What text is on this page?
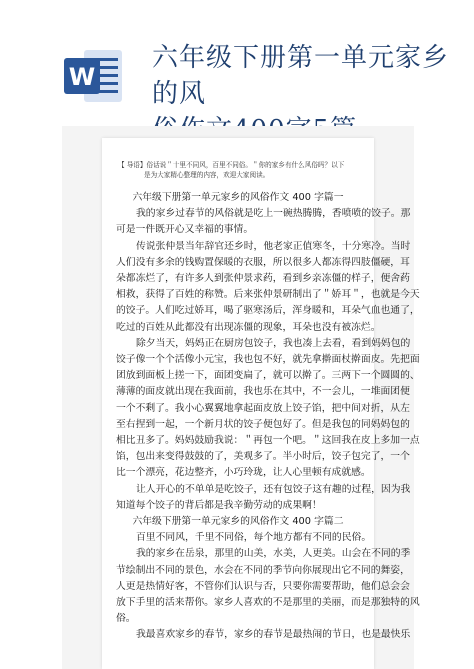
W
六年级下册第一单元家乡的风
【 导语】俗话说＂十里不同风，百里不同俗。＂你的家乡有什么风俗吗？以下
是为大家精心整理的内容，欢迎大家阅读。
六年级下册第一单元家乡的风俗作文 400 字篇一
我的家乡过春节的风俗就是吃上一碗热腾腾，香喷喷的饺子。那
可是一件既开心又幸福的事情。
传说张仲景当年辞官还乡时，他老家正值寒冬，十分寒冷。当时
人们没有多余的钱购置保暖的衣服，所以很多人都冻得四肢僵硬，耳
朵都冻烂了，有许多人到张仲景求药，看到乡亲冻僵的样子，便舍药
相救，获得了百姓的称赞。后来张仲景研制出了＂娇耳＂，也就是今天
的饺子。人们吃过娇耳，喝了驱寒汤后，浑身暖和，耳朵气血也通了，
吃过的百姓从此都没有出现冻僵的现象，耳朵也没有被冻烂。
除夕当天，妈妈正在厨房包饺子，我也凑上去看，看到妈妈包的
饺子像一个个活像小元宝，我也包不好，就先拿擀面杖擀面皮。先把面
团放到面板上搓一下，面团变扁了，就可以擀了。三两下一个圆圆的、
薄薄的面皮就出现在我面前，我也乐在其中，不一会儿，一堆面团便
一个不剩了。我小心翼翼地拿起面皮放上饺子馅，把中间对折，从左
至右捏到一起，一个新月状的饺子便包好了。但是我包的同妈妈包的
相比丑多了。妈妈鼓励我说：＂再包一个吧。＂这回我在皮上多加一点
馅，包出来变得鼓鼓的了，美观多了。半小时后，饺子包完了，一个
比一个漂亮，花边整齐，小巧玲珑，让人心里顿有成就感。
让人开心的不单单是吃饺子，还有包饺子这有趣的过程，因为我
知道每个饺子的背后都是我辛勤劳动的成果啊！
六年级下册第一单元家乡的风俗作文 400 字篇二
百里不同风，千里不同俗，每个地方都有不同的民俗。
我的家乡在岳泉，那里的山美，水美，人更美。山会在不同的季
节绘制出不同的景色，水会在不同的季节向你展现出它不同的舞姿，
人更是热情好客，不管你们认识与否，只要你需要帮助，他们总会会
放下手里的活来帮你。家乡人喜欢的不是那里的美丽，而是那独特的风
俗。
我最喜欢家乡的春节，家乡的春节是最热闹的节日，也是最快乐
